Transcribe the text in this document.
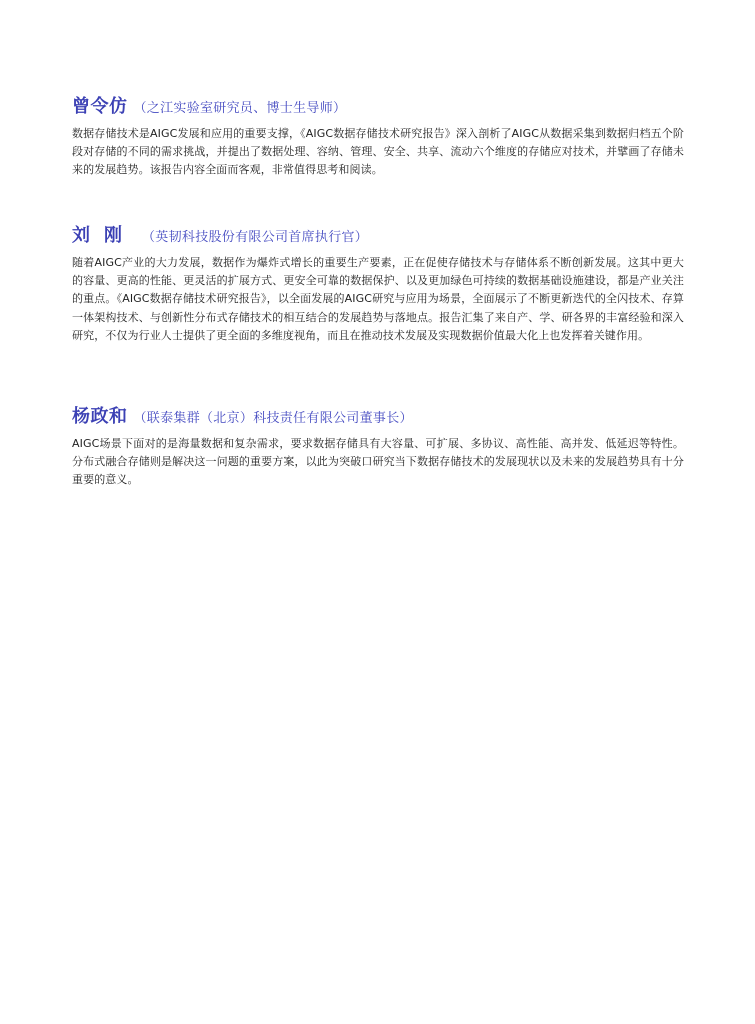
曾令仿 （之江实验室研究员、博士生导师）

数据存储技术是AIGC发展和应用的重要支撑，《AIGC数据存储技术研究报告》深入剖析了AIGC从数据采集到数据归档五个阶段对存储的不同的需求挑战，并提出了数据处理、容纳、管理、安全、共享、流动六个维度的存储应对技术，并擘画了存储未来的发展趋势。该报告内容全面而客观，非常值得思考和阅读。

刘刚 （英韧科技股份有限公司首席执行官）

随着AIGC产业的大力发展，数据作为爆炸式增长的重要生产要素，正在促使存储技术与存储体系不断创新发展。这其中更大的容量、更高的性能、更灵活的扩展方式、更安全可靠的数据保护、以及更加绿色可持续的数据基础设施建设，都是产业关注的重点。《AIGC数据存储技术研究报告》，以全面发展的AIGC研究与应用为场景，全面展示了不断更新迭代的全闪技术、存算一体架构技术、与创新性分布式存储技术的相互结合的发展趋势与落地点。报告汇集了来自产、学、研各界的丰富经验和深入研究，不仅为行业人士提供了更全面的多维度视角，而且在推动技术发展及实现数据价值最大化上也发挥着关键作用。

杨政和 （联泰集群（北京）科技责任有限公司董事长）

AIGC场景下面对的是海量数据和复杂需求，要求数据存储具有大容量、可扩展、多协议、高性能、高并发、低延迟等特性。分布式融合存储则是解决这一问题的重要方案，以此为突破口研究当下数据存储技术的发展现状以及未来的发展趋势具有十分重要的意义。
